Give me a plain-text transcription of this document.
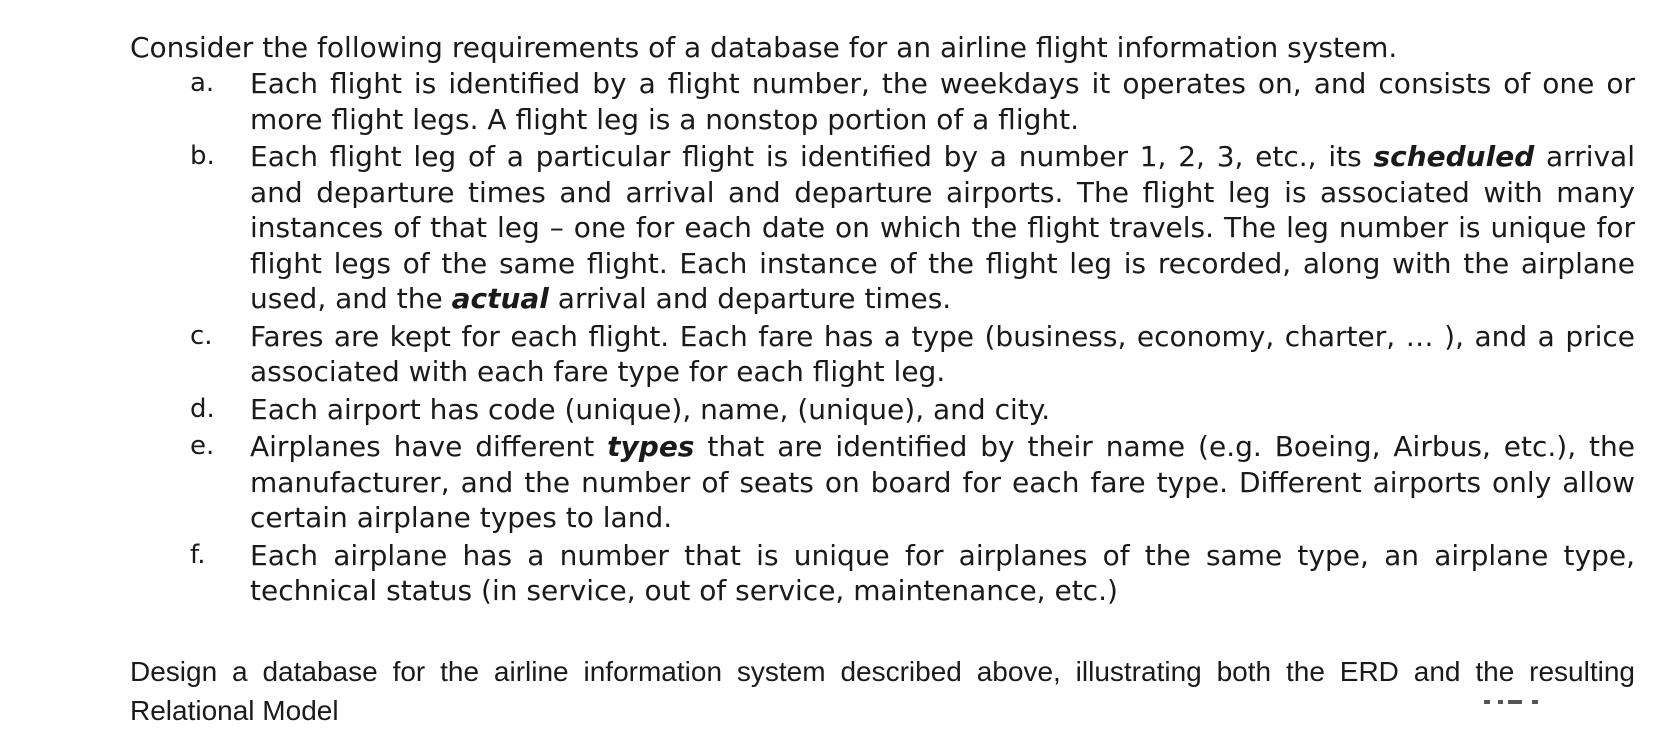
Consider the following requirements of a database for an airline flight information system.
a. Each flight is identified by a flight number, the weekdays it operates on, and consists of one or more flight legs. A flight leg is a nonstop portion of a flight.
b. Each flight leg of a particular flight is identified by a number 1, 2, 3, etc., its scheduled arrival and departure times and arrival and departure airports. The flight leg is associated with many instances of that leg – one for each date on which the flight travels. The leg number is unique for flight legs of the same flight. Each instance of the flight leg is recorded, along with the airplane used, and the actual arrival and departure times.
c. Fares are kept for each flight. Each fare has a type (business, economy, charter, … ), and a price associated with each fare type for each flight leg.
d. Each airport has code (unique), name, (unique), and city.
e. Airplanes have different types that are identified by their name (e.g. Boeing, Airbus, etc.), the manufacturer, and the number of seats on board for each fare type. Different airports only allow certain airplane types to land.
f. Each airplane has a number that is unique for airplanes of the same type, an airplane type, technical status (in service, out of service, maintenance, etc.)
Design a database for the airline information system described above, illustrating both the ERD and the resulting Relational Model
